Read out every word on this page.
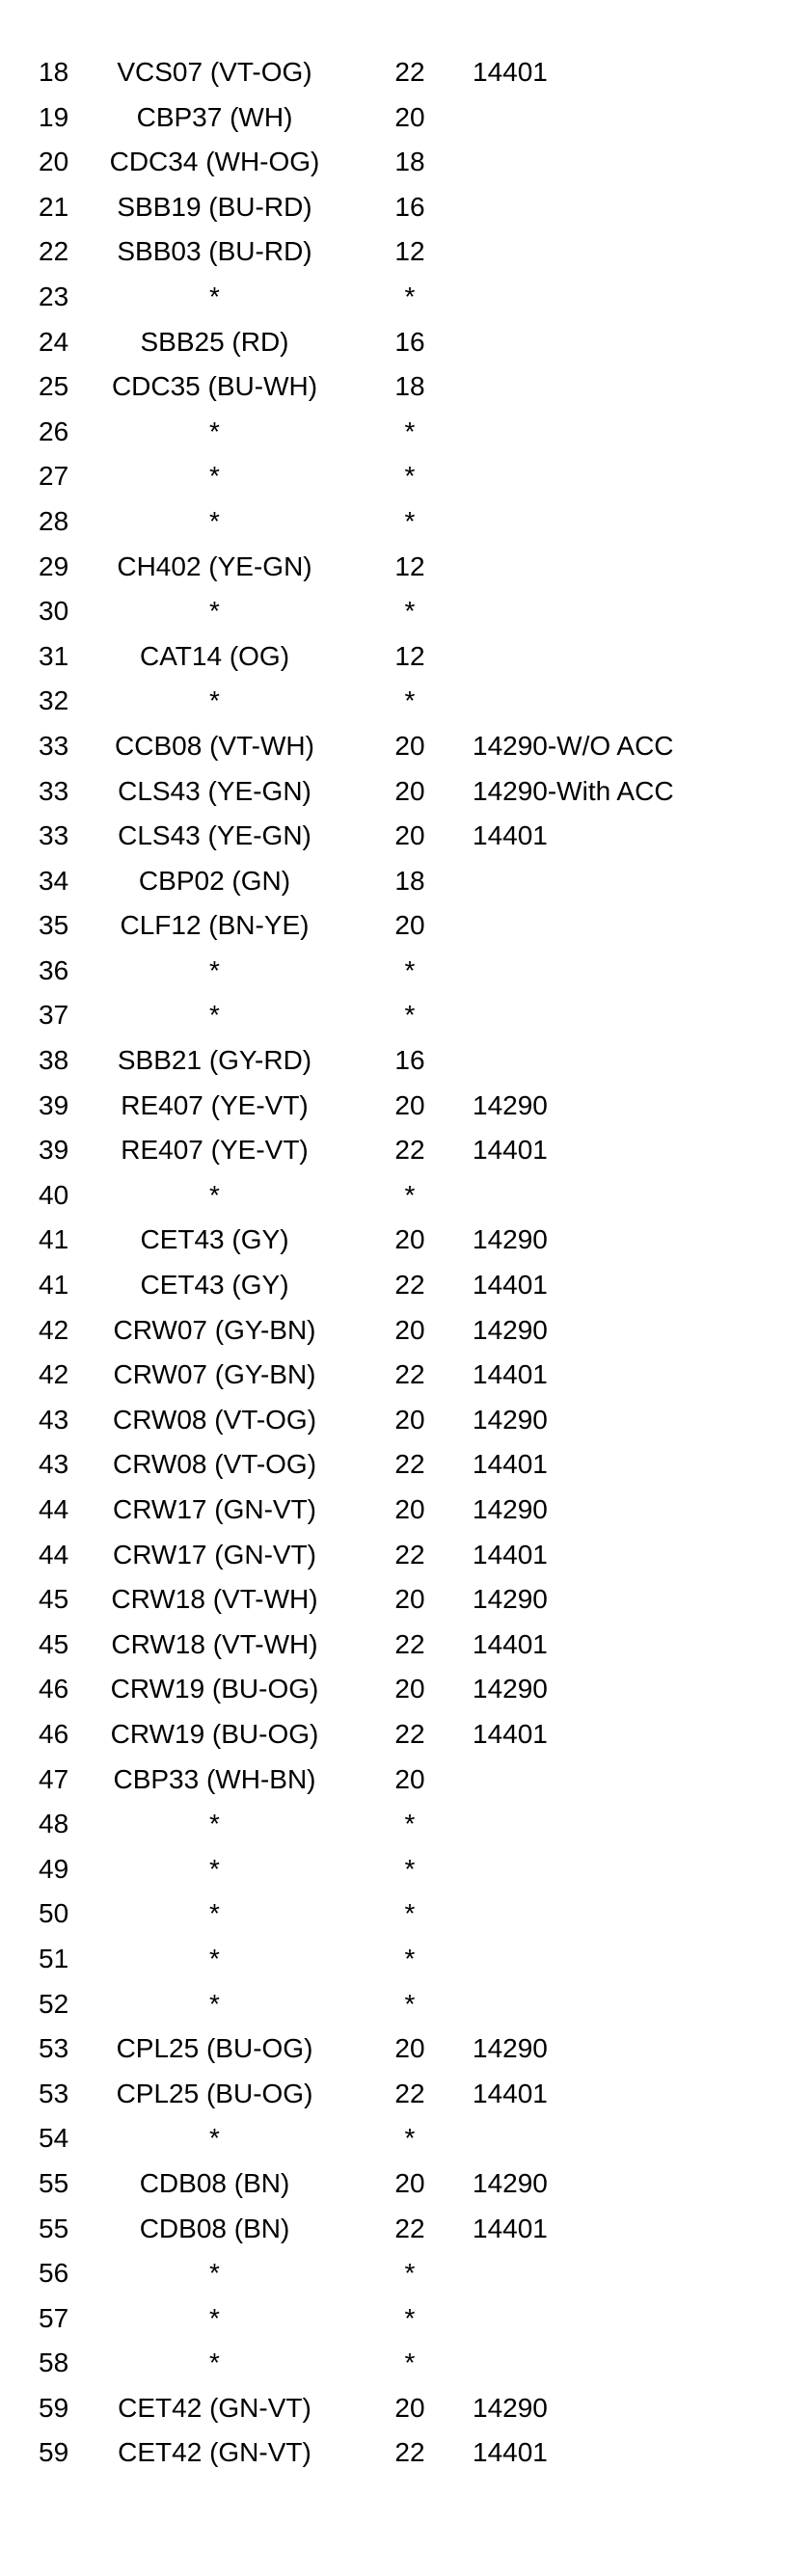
18	VCS07 (VT-OG)	22	14401
19	CBP37 (WH)	20
20	CDC34 (WH-OG)	18
21	SBB19 (BU-RD)	16
22	SBB03 (BU-RD)	12
23	*	*
24	SBB25 (RD)	16
25	CDC35 (BU-WH)	18
26	*	*
27	*	*
28	*	*
29	CH402 (YE-GN)	12
30	*	*
31	CAT14 (OG)	12
32	*	*
33	CCB08 (VT-WH)	20	14290-W/O ACC
33	CLS43 (YE-GN)	20	14290-With ACC
33	CLS43 (YE-GN)	20	14401
34	CBP02 (GN)	18
35	CLF12 (BN-YE)	20
36	*	*
37	*	*
38	SBB21 (GY-RD)	16
39	RE407 (YE-VT)	20	14290
39	RE407 (YE-VT)	22	14401
40	*	*
41	CET43 (GY)	20	14290
41	CET43 (GY)	22	14401
42	CRW07 (GY-BN)	20	14290
42	CRW07 (GY-BN)	22	14401
43	CRW08 (VT-OG)	20	14290
43	CRW08 (VT-OG)	22	14401
44	CRW17 (GN-VT)	20	14290
44	CRW17 (GN-VT)	22	14401
45	CRW18 (VT-WH)	20	14290
45	CRW18 (VT-WH)	22	14401
46	CRW19 (BU-OG)	20	14290
46	CRW19 (BU-OG)	22	14401
47	CBP33 (WH-BN)	20
48	*	*
49	*	*
50	*	*
51	*	*
52	*	*
53	CPL25 (BU-OG)	20	14290
53	CPL25 (BU-OG)	22	14401
54	*	*
55	CDB08 (BN)	20	14290
55	CDB08 (BN)	22	14401
56	*	*
57	*	*
58	*	*
59	CET42 (GN-VT)	20	14290
59	CET42 (GN-VT)	22	14401
